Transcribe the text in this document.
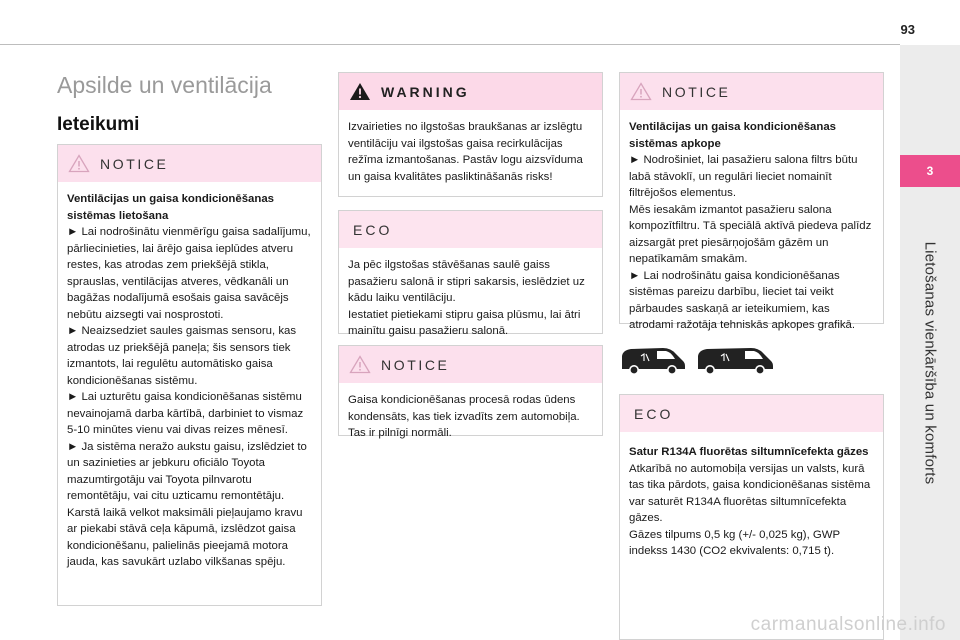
93
3
Lietošanas vienkāršība un komforts
Apsilde un ventilācija
Ieteikumi
NOTICE

Ventilācijas un gaisa kondicionēšanas sistēmas lietošana

► Lai nodrošinātu vienmērīgu gaisa sadalījumu, pārliecinieties, lai ārējo gaisa ieplūdes atveru restes, kas atrodas zem priekšējā stikla, sprauslas, ventilācijas atveres, vēdkanāli un bagāžas nodalījumā esošais gaisa savācējs nebūtu aizsegti vai nosprostoti.

► Neaizsedziet saules gaismas sensoru, kas atrodas uz priekšējā paneļa; šis sensors tiek izmantots, lai regulētu automātisko gaisa kondicionēšanas sistēmu.

► Lai uzturētu gaisa kondicionēšanas sistēmu nevainojamā darba kārtībā, darbiniet to vismaz 5-10 minūtes vienu vai divas reizes mēnesī.

► Ja sistēma neražo aukstu gaisu, izslēdziet to un sazinieties ar jebkuru oficiālo Toyota mazumtirgotāju vai Toyota pilnvarotu remontētāju, vai citu uzticamu remontētāju.

Karstā laikā velkot maksimāli pieļaujamo kravu ar piekabi stāvā ceļa kāpumā, izslēdzot gaisa kondicionēšanu, palielinās pieejamā motora jauda, kas savukārt uzlabo vilkšanas spēju.

WARNING

Izvairieties no ilgstošas braukšanas ar izslēgtu ventilāciju vai ilgstošas gaisa recirkulācijas režīma izmantošanas. Pastāv logu aizsvīduma un gaisa kvalitātes pasliktināšanās risks!

ECO

Ja pēc ilgstošas stāvēšanas saulē gaiss pasažieru salonā ir stipri sakarsis, ieslēdziet uz kādu laiku ventilāciju.

Iestatiet pietiekami stipru gaisa plūsmu, lai ātri mainītu gaisu pasažieru salonā.

NOTICE

Gaisa kondicionēšanas procesā rodas ūdens kondensāts, kas tiek izvadīts zem automobiļa. Tas ir pilnīgi normāli.

NOTICE

Ventilācijas un gaisa kondicionēšanas sistēmas apkope

► Nodrošiniet, lai pasažieru salona filtrs būtu labā stāvoklī, un regulāri lieciet nomainīt filtrējošos elementus.

Mēs iesakām izmantot pasažieru salona kompozītfiltru. Tā speciālā aktīvā piedeva palīdz aizsargāt pret piesārņojošām gāzēm un nepatīkamām smakām.

► Lai nodrošinātu gaisa kondicionēšanas sistēmas pareizu darbību, lieciet tai veikt pārbaudes saskaņā ar ieteikumiem, kas atrodami ražotāja tehniskās apkopes grafikā.

ECO

Satur R134A fluorētas siltumnīcefekta gāzes

Atkarībā no automobiļa versijas un valsts, kurā tas tika pārdots, gaisa kondicionēšanas sistēma var saturēt R134A fluorētas siltumnīcefekta gāzes.

Gāzes tilpums 0,5 kg (+/- 0,025 kg), GWP indekss 1430 (CO2 ekvivalents: 0,715 t).

carmanualsonline.info
